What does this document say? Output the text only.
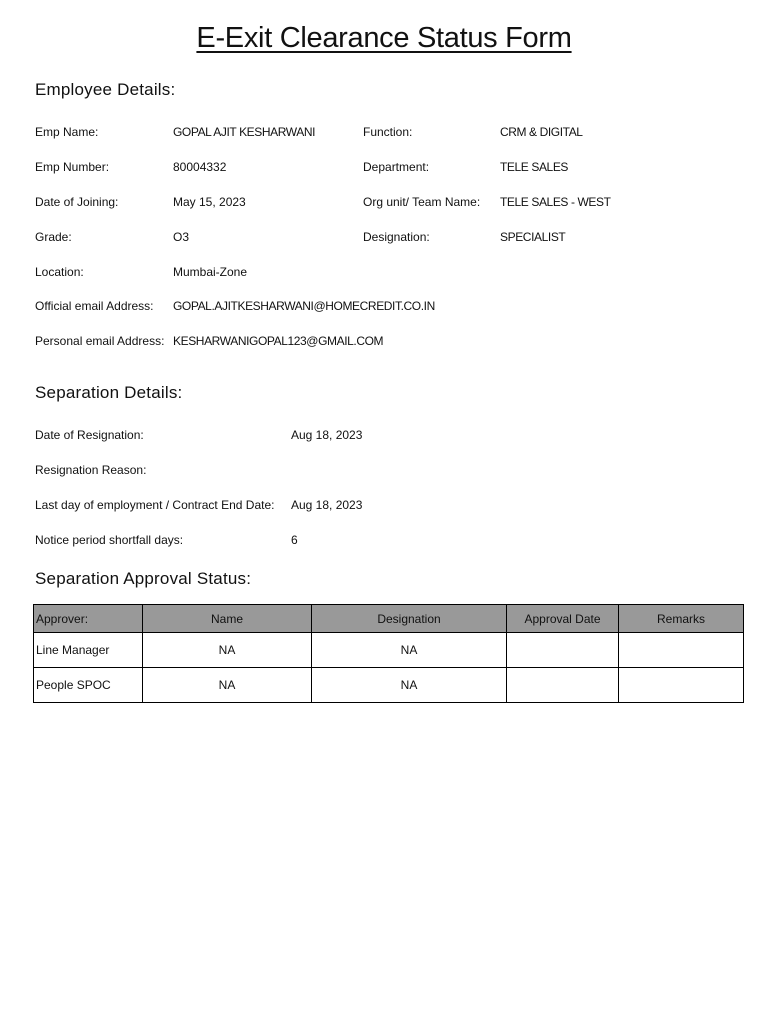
E-Exit Clearance Status Form
Employee Details:
Emp Name:	GOPAL AJIT KESHARWANI	Function:	CRM & DIGITAL
Emp Number:	80004332	Department:	TELE SALES
Date of Joining:	May 15, 2023	Org unit/ Team Name: TELE SALES - WEST
Grade:	O3	Designation:	SPECIALIST
Location:	Mumbai-Zone
Official email Address: GOPAL.AJITKESHARWANI@HOMECREDIT.CO.IN
Personal email Address: KESHARWANIGOPAL123@GMAIL.COM
Separation Details:
Date of Resignation:	Aug 18, 2023
Resignation Reason:
Last day of employment / Contract End Date: Aug 18, 2023
Notice period shortfall days:	6
Separation Approval Status:
Approver:	Name	Designation	Approval Date	Remarks
Line Manager	NA	NA		
People SPOC	NA	NA		
